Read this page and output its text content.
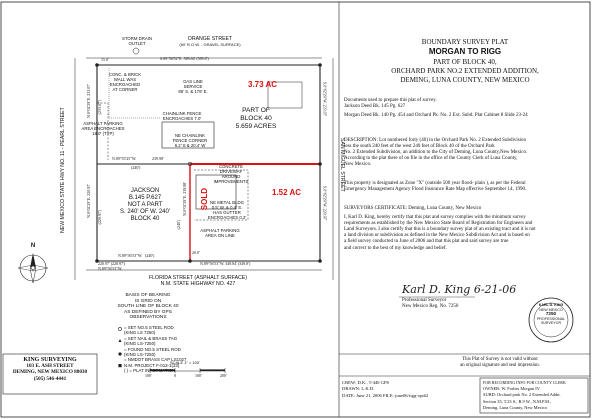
ORANGE STREET
(60' R.O.W. - GRAVEL SURFACE)
FLORIDA STREET (ASPHALT SURFACE)
N.M. STATE HIGHWAY NO. 427
NEW MEXICO STATE HWY NO. 11 - PEARL STREET	SAN MIGUEL STREET
STORM DRAIN
OUTLET
CONC. & BRICK
WALL WAS
ENCROACHED
AT CORNER
GAS LINE
SERVICE
85' S. & 178' E.
CHAINLINK FENCE
ENCROACHES 7.0'
ASPHALT PARKING
AREA ENCROACHES
18.0' (TYP)	NE CHAINLINK
FENCE CORNER
6.2' S & 20.4' W
CONCRETE
DRIVEWAY
AROUND
IMPROVEMENTS
NE METAL BLDG
0.5' W. & 0.4' S.
HAS GUTTER
ENCROACHES 0.2'
ASPHALT PARKING
AREA ON LINE
PART OF
BLOCK 40
5.659 ACRES
JACKSON
B.145 P.627
NOT A PART
S. 240' OF W. 240'
BLOCK 40
3.73 AC
1.52 AC
SOLD
S.89°56'52"E. 589.84' (589.8')
15.0'
N.0°02'29"E. 233.07'
N.0°02'29"E. 220.97'
(233.07')
(220.97')
N.89°55'25"W.	239.98'
(240')
N.89°56'53"W.
220.97' (220.97')
N.89°56'53"W.
N.89°56'53"W. 349.84' (349.8')
(240')
S.0°02'29"W. 233.07'
S.0°02'29"W. 220.97'
N.0°02'29"E. 239.98'
(240')
20.0'
BASIS OF BEARING
IS GRID ON
SOUTH LINE OF BLOCK 40
AS DEFINED BY GPS
OBSERVATIONS
= SET NO.5 STEEL ROD
(KING LS 7250)
= SET NAIL & BRASS TAG
(KING LS-7250)
= FOUND NO.5 STEEL ROD
(KING LS-7250)
= NMDOT BRASS CAP LS1027
N.M. PROJECT F-013-1(23)
( ) = PLAT INFORMATION
SCALE 1" = 100'
100'	0	100'	200'
N
KING SURVEYING
103 E. ASH STREET
DEMING, NEW MEXICO 88030
(505) 546-4441
CREW: D.K., T-440 GPS
DRAWN: L.K.D.
DATE: June 21, 2006 FILE: june06/rigg-opt#2
BOUNDARY SURVEY PLAT
MORGAN TO RIGG
PART OF BLOCK 40,
ORCHARD PARK NO.2 EXTENDED ADDITION,
DEMING, LUNA COUNTY, NEW MEXICO
Documents used to prepare this plat of survey.
Jackson Deed Bk. 145 Pg. 627
Morgan Deed Bk. 140 Pg. 454 and Orchard Pk. No. 2 Ext. Subd. Plat Cabinet 8 Slide 23-24
DESCRIPTION: Lot numbered forty (40) in the Orchard Park No. 2 Extended Subdivision
less the south 240 feet of the west 240 feet of Block 40 of the Orchard Park
No. 2 Extended Subdivision, an addition to the City of Deming, Luna County,New Mexico.
According to the plat there of on file in the office of the County Clerk of Luna County,
New Mexico.
This property is designated as Zone "X" (outside 500 year flood- plain ), as per the Federal
Emergency Management Agency Flood Insurance Rate Map effective September 14, 1990.
SURVEYORS CERTIFICATE: Deming, Luna County, New Mexico
I, Karl D. King, hereby certify that this plat and survey complies with the minimum survey
requirements as established by the New Mexico State Board of Registration for Engineers and
Land Surveyors. I also certify that this is a boundary survey plat of an existing tract and it is not
a land division or subdivision as defined in the New Mexico Subdivision Act and is based on
a field survey conducted in June of 2006 and that this plat and said survey are true
and correct to the best of my knowledge and belief.
Karl D. King 6-21-06
Professional Surveyor
New Mexico Reg. No. 7250	KARL D. KING
NEW MEXICO
7250
PROFESSIONAL SURVEYOR
This Plat of Survey is not valid without
an original signature and seal impression.
FOR RECORDING INFO FOR COUNTY CLERK
OWNER: W. Forbes Morgan IV
SUBD: Orchard park No. 2 Extended Addn.
Section 35, T.23 S., R.9 W., N.M.P.M.,
Deming, Luna County, New Mexico
